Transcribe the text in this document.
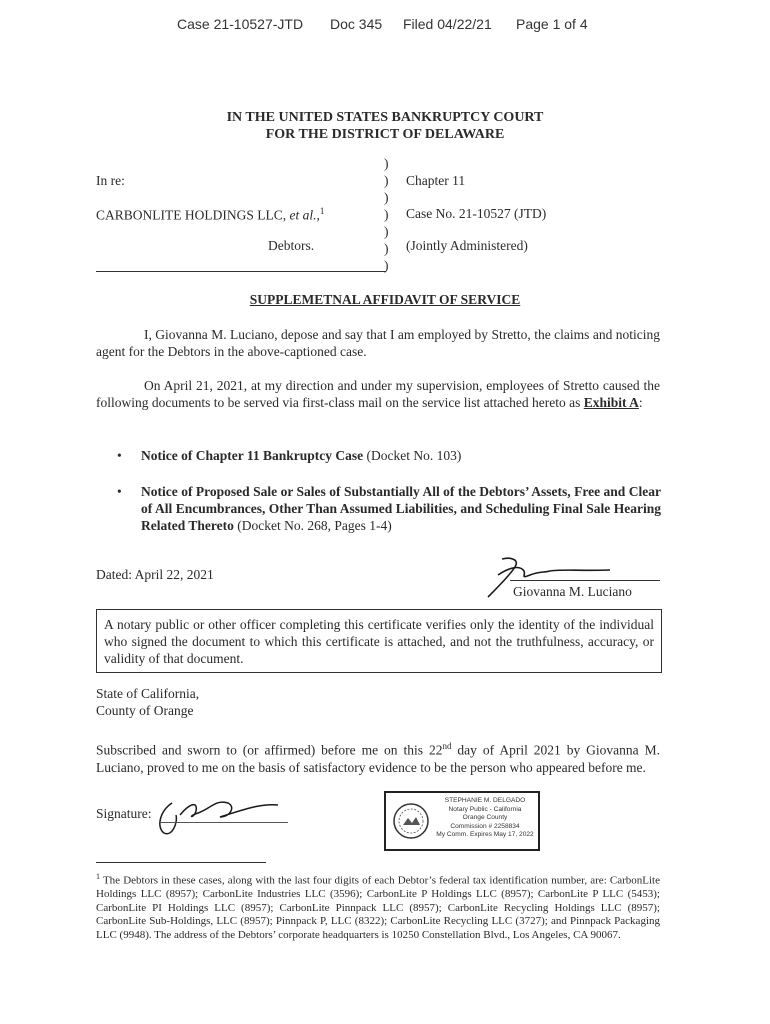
Case 21-10527-JTD Doc 345 Filed 04/22/21 Page 1 of 4
IN THE UNITED STATES BANKRUPTCY COURT
FOR THE DISTRICT OF DELAWARE
In re:
CARBONLITE HOLDINGS LLC, et al.,$^1$
Debtors.
)
)
)
)
)
)
)
Chapter 11
Case No. 21-10527 (JTD)
(Jointly Administered)
SUPPLEMETNAL AFFIDAVIT OF SERVICE
I, Giovanna M. Luciano, depose and say that I am employed by Stretto, the claims and noticing agent for the Debtors in the above-captioned case.
On April 21, 2021, at my direction and under my supervision, employees of Stretto caused the following documents to be served via first-class mail on the service list attached hereto as Exhibit A:
• Notice of Chapter 11 Bankruptcy Case (Docket No. 103)
• Notice of Proposed Sale or Sales of Substantially All of the Debtors’ Assets, Free and Clear of All Encumbrances, Other Than Assumed Liabilities, and Scheduling Final Sale Hearing Related Thereto (Docket No. 268, Pages 1-4)
Dated: April 22, 2021
Giovanna M. Luciano
A notary public or other officer completing this certificate verifies only the identity of the individual who signed the document to which this certificate is attached, and not the truthfulness, accuracy, or validity of that document.
State of California,
County of Orange
Subscribed and sworn to (or affirmed) before me on this 22nd day of April 2021 by Giovanna M. Luciano, proved to me on the basis of satisfactory evidence to be the person who appeared before me.
Signature:
STEPHANIE M. DELGADO
Notary Public - California
Orange County
Commission # 2258834
My Comm. Expires May 17, 2022
$^1$ The Debtors in these cases, along with the last four digits of each Debtor’s federal tax identification number, are: CarbonLite Holdings LLC (8957); CarbonLite Industries LLC (3596); CarbonLite P Holdings LLC (8957); CarbonLite P LLC (5453); CarbonLite PI Holdings LLC (8957); CarbonLite Pinnpack LLC (8957); CarbonLite Recycling Holdings LLC (8957); CarbonLite Sub-Holdings, LLC (8957); Pinnpack P, LLC (8322); CarbonLite Recycling LLC (3727); and Pinnpack Packaging LLC (9948). The address of the Debtors’ corporate headquarters is 10250 Constellation Blvd., Los Angeles, CA 90067.
